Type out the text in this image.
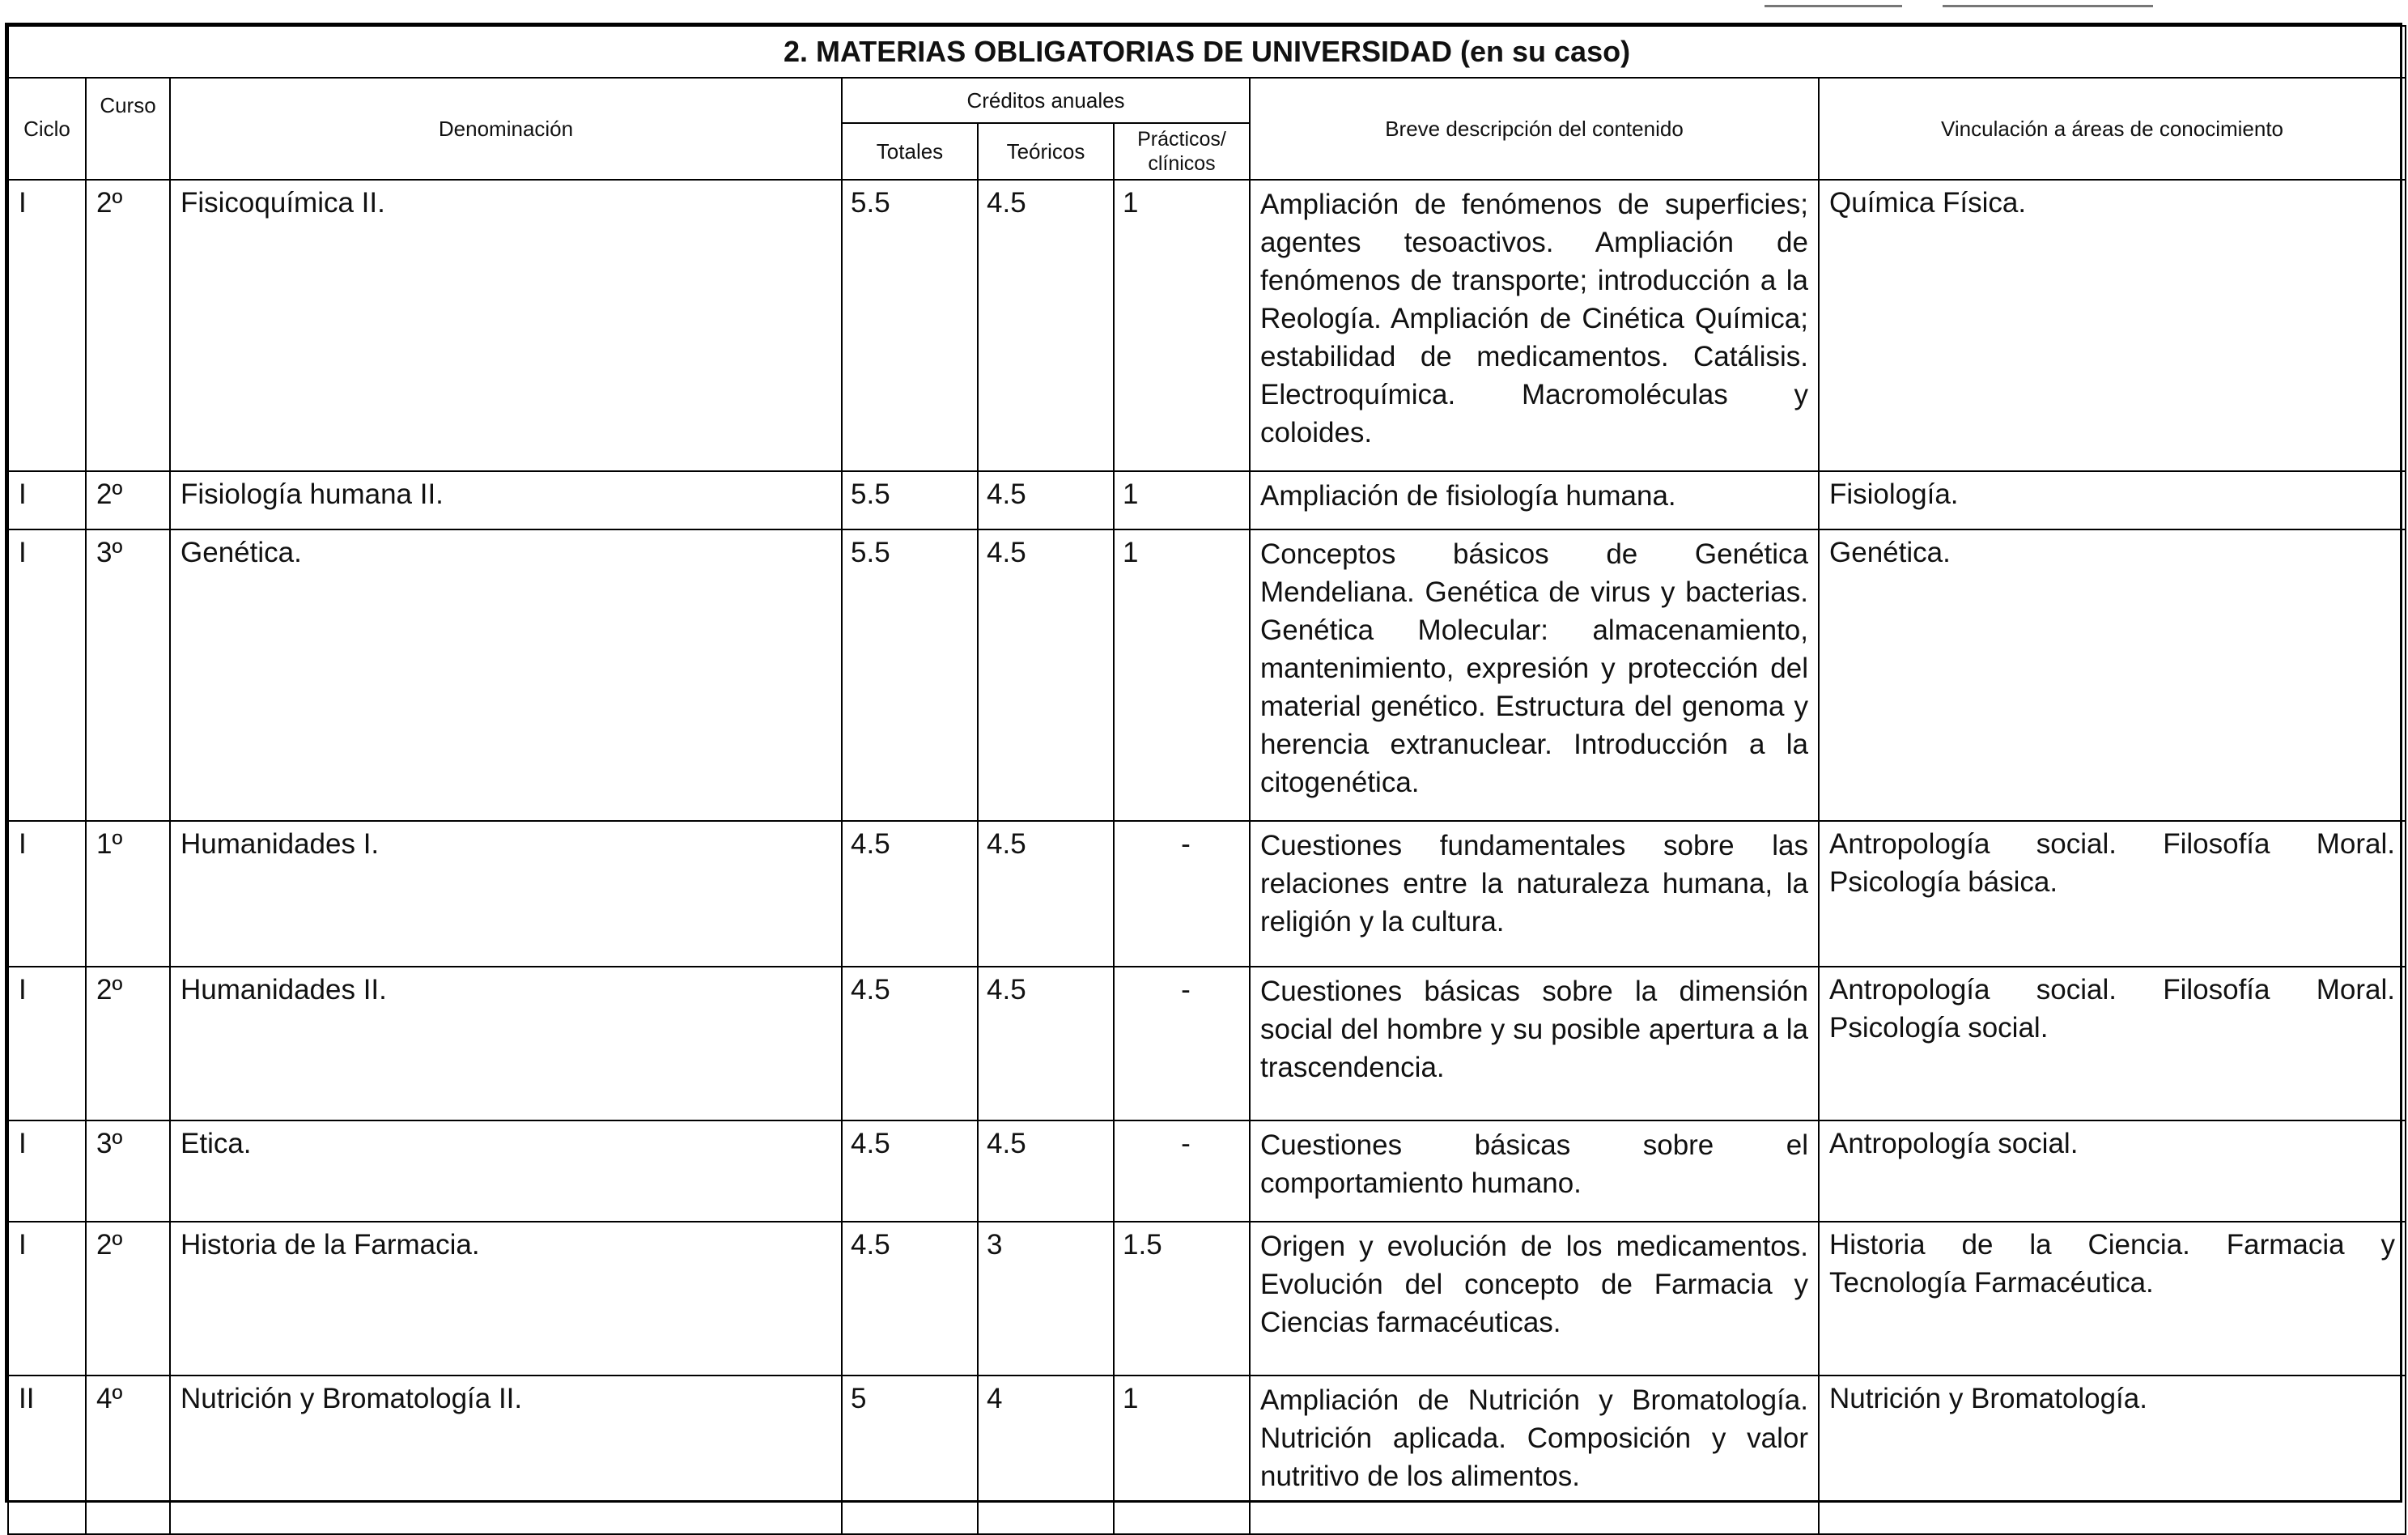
2. MATERIAS OBLIGATORIAS DE UNIVERSIDAD (en su caso)							
Ciclo	Curso	Denominación	Créditos anuales			Breve descripción del contenido	Vinculación a áreas de conocimiento
			Totales	Teóricos	Prácticos/ clínicos		
I	2º	Fisicoquímica II.	5.5	4.5	1	Ampliación de fenómenos de superficies; agentes tesoactivos. Ampliación de fenómenos de transporte; introducción a la Reología. Ampliación de Cinética Química; estabilidad de medicamentos. Catálisis. Electroquímica. Macromoléculas y coloides.	Química Física.
I	2º	Fisiología humana II.	5.5	4.5	1	Ampliación de fisiología humana.	Fisiología.
I	3º	Genética.	5.5	4.5	1	Conceptos básicos de Genética Mendeliana. Genética de virus y bacterias. Genética Molecular: almacenamiento, mantenimiento, expresión y protección del material genético. Estructura del genoma y herencia extranuclear. Introducción a la citogenética.	Genética.
I	1º	Humanidades I.	4.5	4.5	-	Cuestiones fundamentales sobre las relaciones entre la naturaleza humana, la religión y la cultura.	Antropología social. Filosofía Moral. Psicología básica.
I	2º	Humanidades II.	4.5	4.5	-	Cuestiones básicas sobre la dimensión social del hombre y su posible apertura a la trascendencia.	Antropología social. Filosofía Moral. Psicología social.
I	3º	Etica.	4.5	4.5	-	Cuestiones básicas sobre el comportamiento humano.	Antropología social.
I	2º	Historia de la Farmacia.	4.5	3	1.5	Origen y evolución de los medicamentos. Evolución del concepto de Farmacia y Ciencias farmacéuticas.	Historia de la Ciencia. Farmacia y Tecnología Farmacéutica.
II	4º	Nutrición y Bromatología II.	5	4	1	Ampliación de Nutrición y Bromatología. Nutrición aplicada. Composición y valor nutritivo de los alimentos.	Nutrición y Bromatología.
